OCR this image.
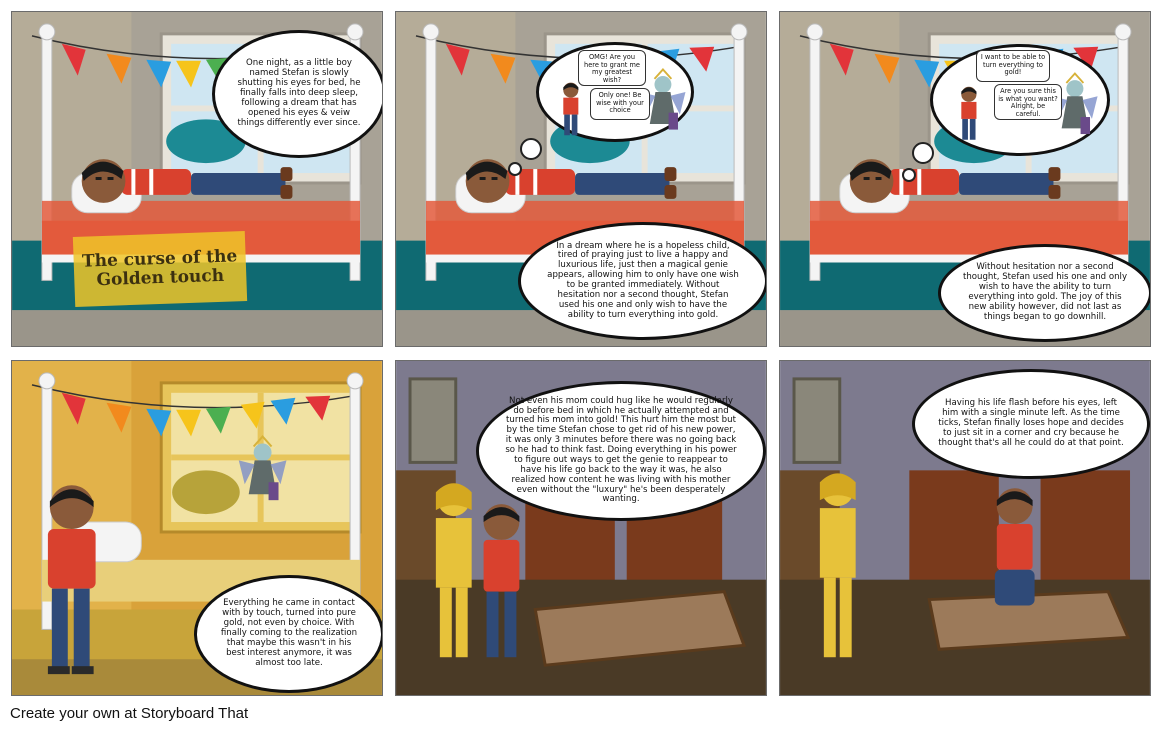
The curse of the Golden touch
One night, as a little boy named Stefan is slowly shutting his eyes for bed, he finally falls into deep sleep, following a dream that has opened his eyes & veiw things differently ever since.
OMG! Are you here to grant me my greatest wish?
Only one! Be wise with your choice
In a dream where he is a hopeless child, tired of praying just to live a happy and luxurious life, just then a magical genie appears, allowing him to only have one wish to be granted immediately. Without hesitation nor a second thought, Stefan used his one and only wish to have the ability to turn everything into gold.
I want to be able to turn everything to gold!
Are you sure this is what you want? Alright, be careful.
Without hesitation nor a second thought, Stefan used his one and only wish to have the ability to turn everything into gold. The joy of this new ability however, did not last as things began to go downhill.
Everything he came in contact with by touch, turned into pure gold, not even by choice. With finally coming to the realization that maybe this wasn't in his best interest anymore, it was almost too late.
Not even his mom could hug like he would regularly do before bed in which he actually attempted and turned his mom into gold! This hurt him the most but by the time Stefan chose to get rid of his new power, it was only 3 minutes before there was no going back so he had to think fast. Doing everything in his power to figure out ways to get the genie to reappear to have his life go back to the way it was, he also realized how content he was living with his mother even without the "luxury" he's been desperately wanting.
Having his life flash before his eyes, left him with a single minute left. As the time ticks, Stefan finally loses hope and decides to just sit in a corner and cry because he thought that's all he could do at that point.
Create your own at Storyboard That
